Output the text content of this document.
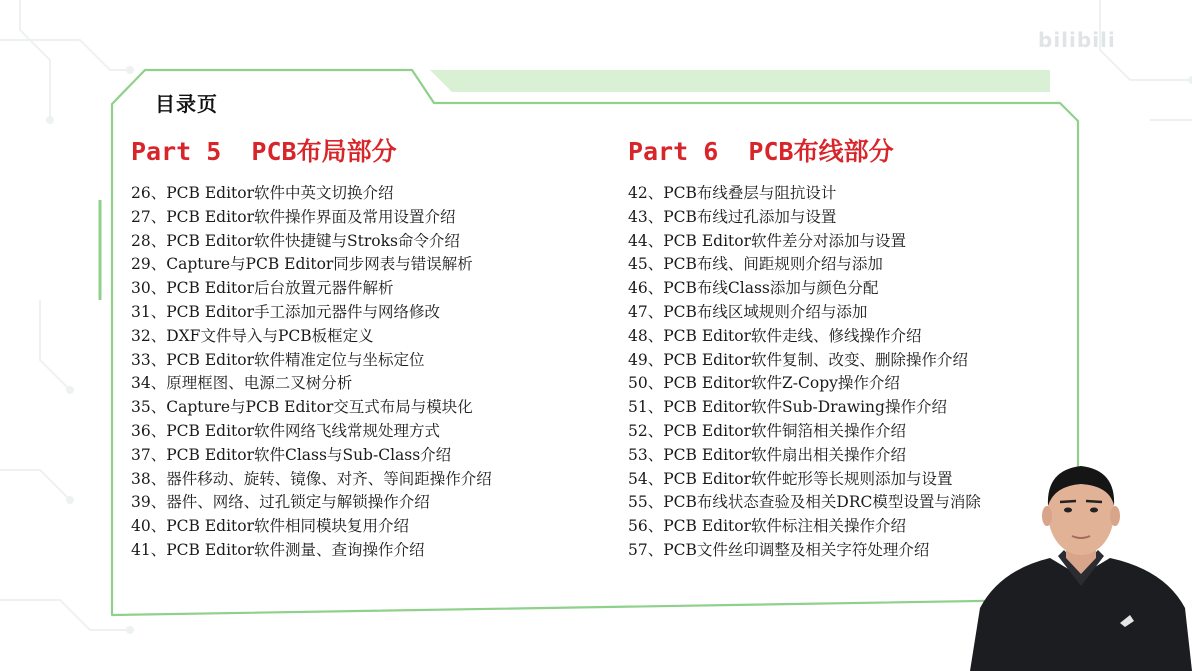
bilibili
目录页
Part 5  PCB布局部分
26、PCB Editor软件中英文切换介绍
27、PCB Editor软件操作界面及常用设置介绍
28、PCB Editor软件快捷键与Stroks命令介绍
29、Capture与PCB Editor同步网表与错误解析
30、PCB Editor后台放置元器件解析
31、PCB Editor手工添加元器件与网络修改
32、DXF文件导入与PCB板框定义
33、PCB Editor软件精准定位与坐标定位
34、原理框图、电源二叉树分析
35、Capture与PCB Editor交互式布局与模块化
36、PCB Editor软件网络飞线常规处理方式
37、PCB Editor软件Class与Sub-Class介绍
38、器件移动、旋转、镜像、对齐、等间距操作介绍
39、器件、网络、过孔锁定与解锁操作介绍
40、PCB Editor软件相同模块复用介绍
41、PCB Editor软件测量、查询操作介绍
Part 6  PCB布线部分
42、PCB布线叠层与阻抗设计
43、PCB布线过孔添加与设置
44、PCB Editor软件差分对添加与设置
45、PCB布线、间距规则介绍与添加
46、PCB布线Class添加与颜色分配
47、PCB布线区域规则介绍与添加
48、PCB Editor软件走线、修线操作介绍
49、PCB Editor软件复制、改变、删除操作介绍
50、PCB Editor软件Z-Copy操作介绍
51、PCB Editor软件Sub-Drawing操作介绍
52、PCB Editor软件铜箔相关操作介绍
53、PCB Editor软件扇出相关操作介绍
54、PCB Editor软件蛇形等长规则添加与设置
55、PCB布线状态查验及相关DRC模型设置与消除
56、PCB Editor软件标注相关操作介绍
57、PCB文件丝印调整及相关字符处理介绍
